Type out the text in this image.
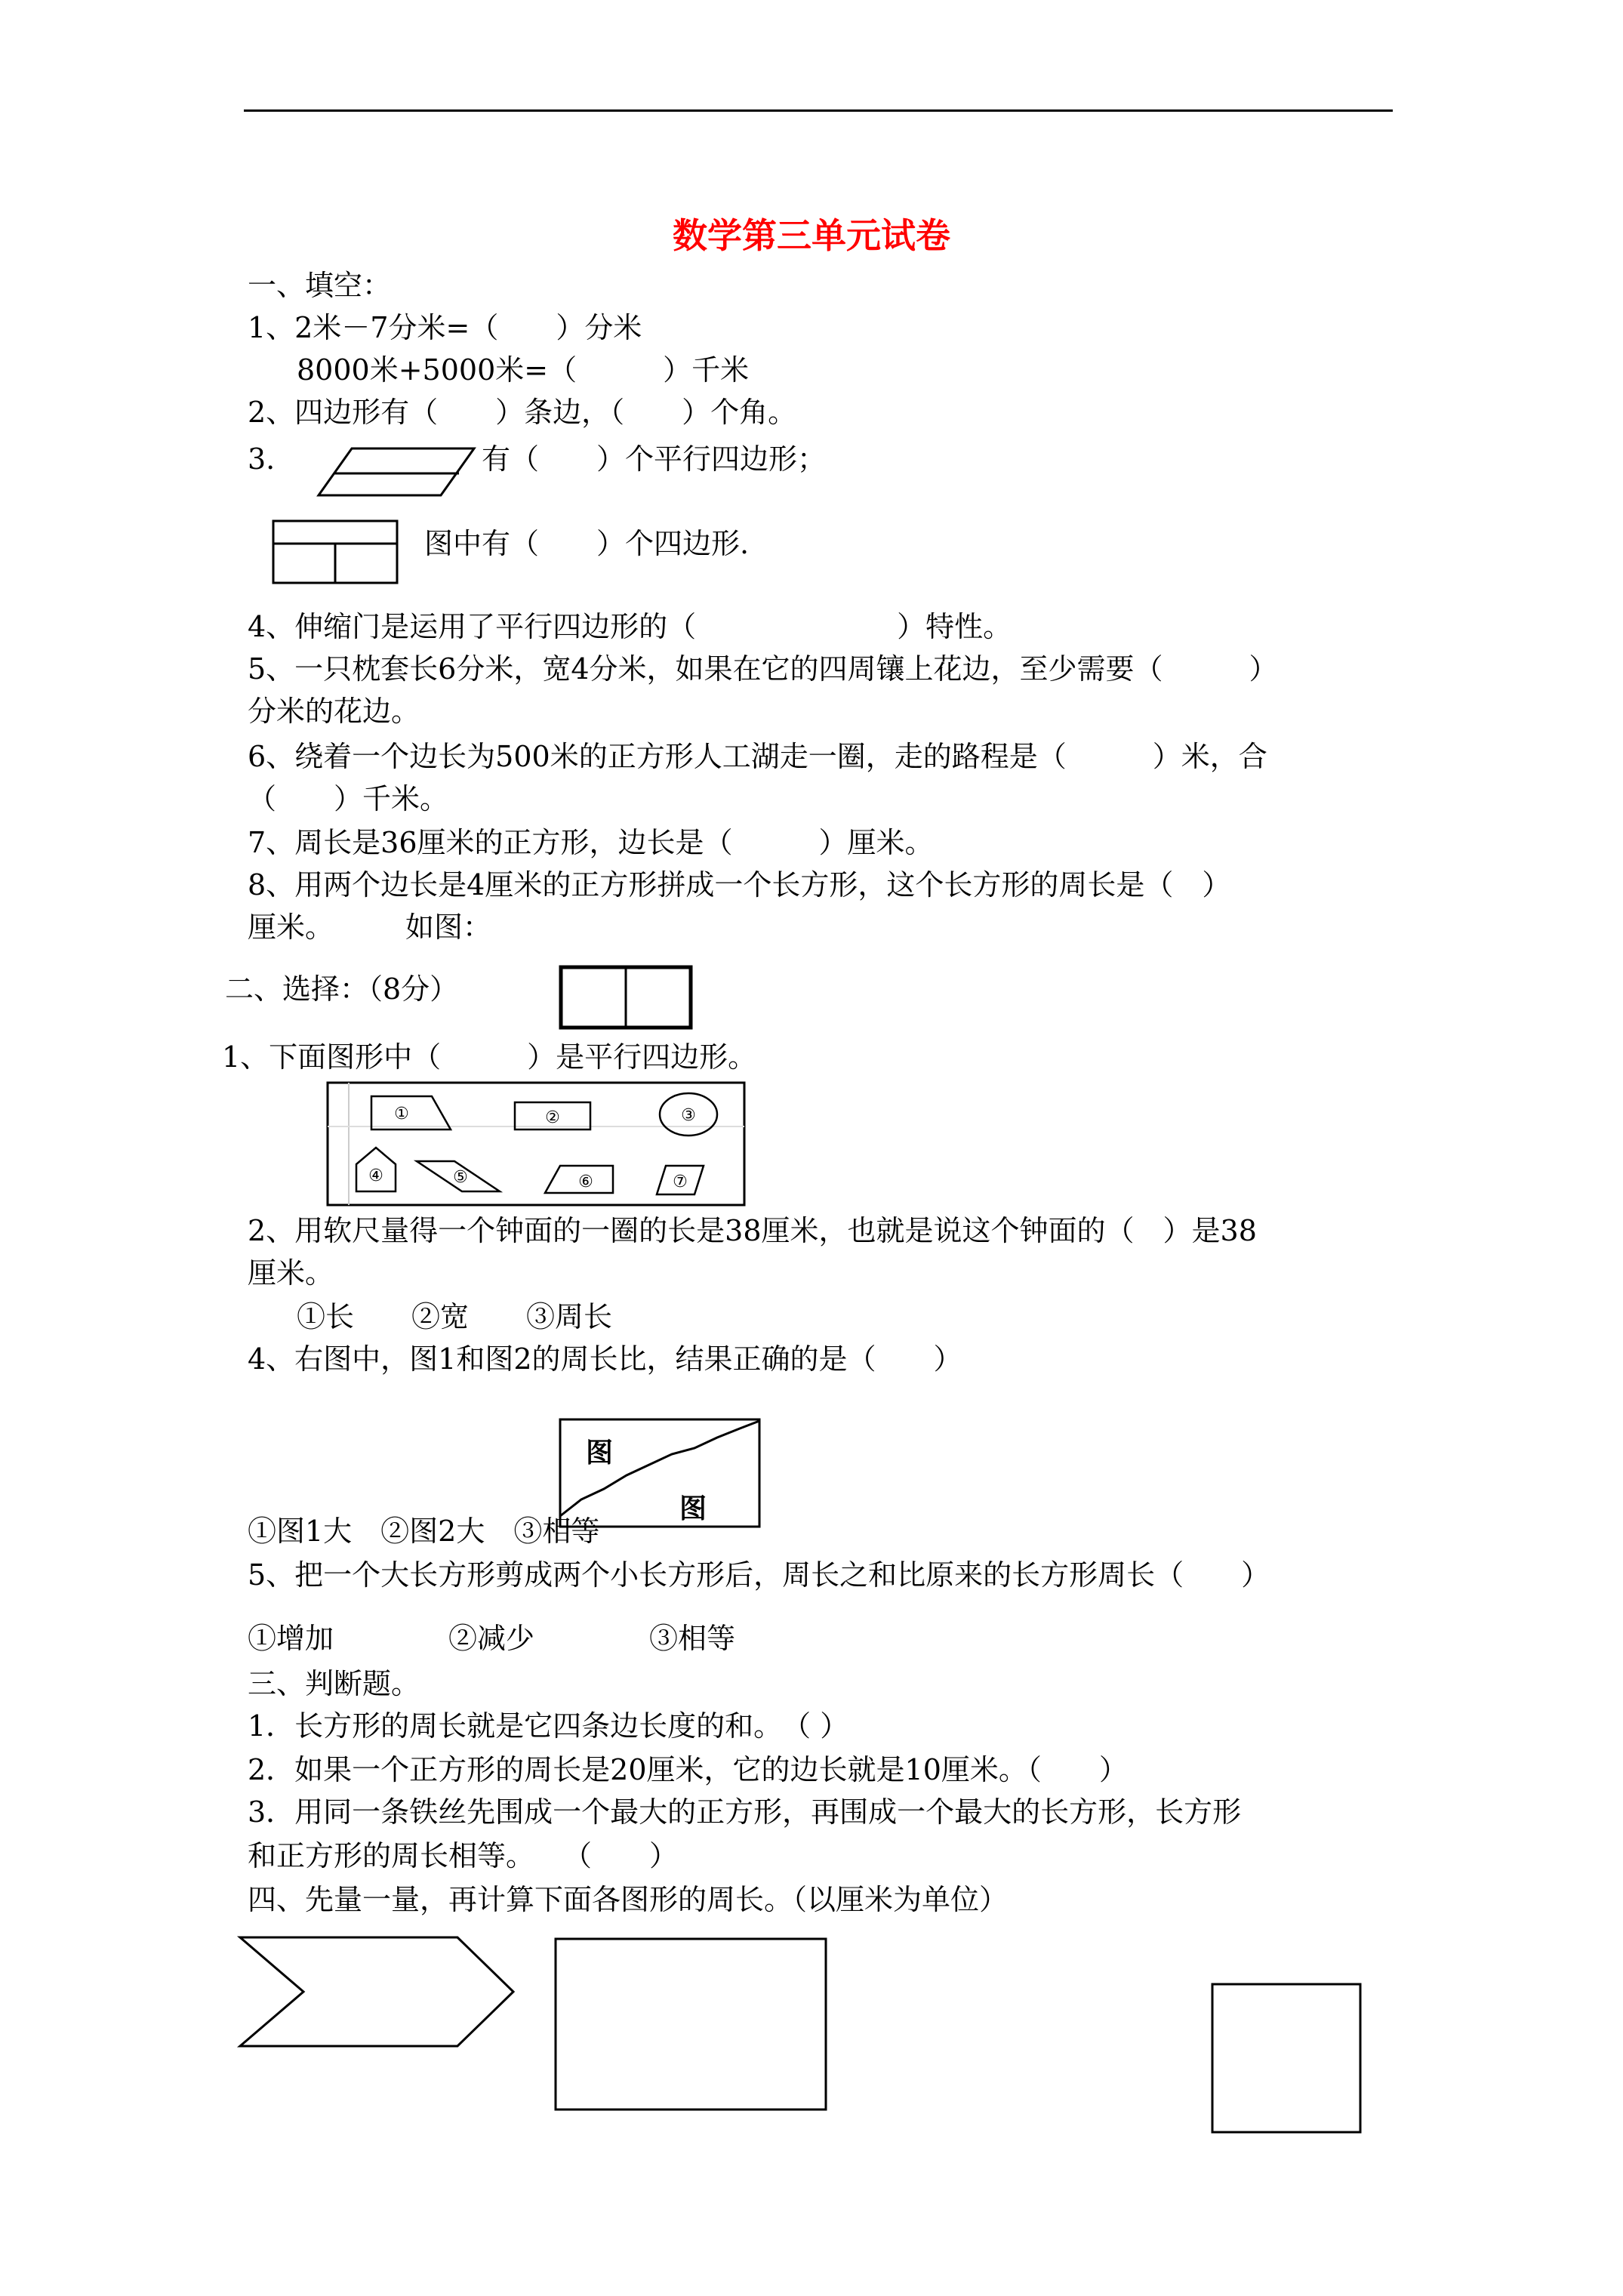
数学第三单元试卷
一、填空：
1、2米－7分米=（　　）分米
8000米+5000米=（　　　）千米
2、四边形有（　　）条边，（　　）个角。
3.	有（　　）个平行四边形；
图中有（　　）个四边形.
4、伸缩门是运用了平行四边形的（　　　　　　　）特性。
5、一只枕套长6分米，宽4分米，如果在它的四周镶上花边，至少需要（　　　）
分米的花边。
6、绕着一个边长为500米的正方形人工湖走一圈，走的路程是（　　　）米，合
（　　）千米。
7、周长是36厘米的正方形，边长是（　　　）厘米。
8、用两个边长是4厘米的正方形拼成一个长方形，这个长方形的周长是（　）
厘米。　　　如图：
二、选择：（8分）
1、下面图形中（　　　）是平行四边形。
①	②	③
④	⑤	⑥	⑦
2、用软尺量得一个钟面的一圈的长是38厘米，也就是说这个钟面的（　）是38
厘米。
①长　　②宽　　③周长
4、右图中，图1和图2的周长比，结果正确的是（　　）
图
图
①图1大　②图2大　③相等
5、把一个大长方形剪成两个小长方形后，周长之和比原来的长方形周长（　　）
①增加　　　　②减少　　　　③相等
三、判断题。
1．长方形的周长就是它四条边长度的和。　（ ）
2．如果一个正方形的周长是20厘米，它的边长就是10厘米。（　　）
3．用同一条铁丝先围成一个最大的正方形，再围成一个最大的长方形，长方形
和正方形的周长相等。　　（　　）
四、先量一量，再计算下面各图形的周长。（以厘米为单位）
